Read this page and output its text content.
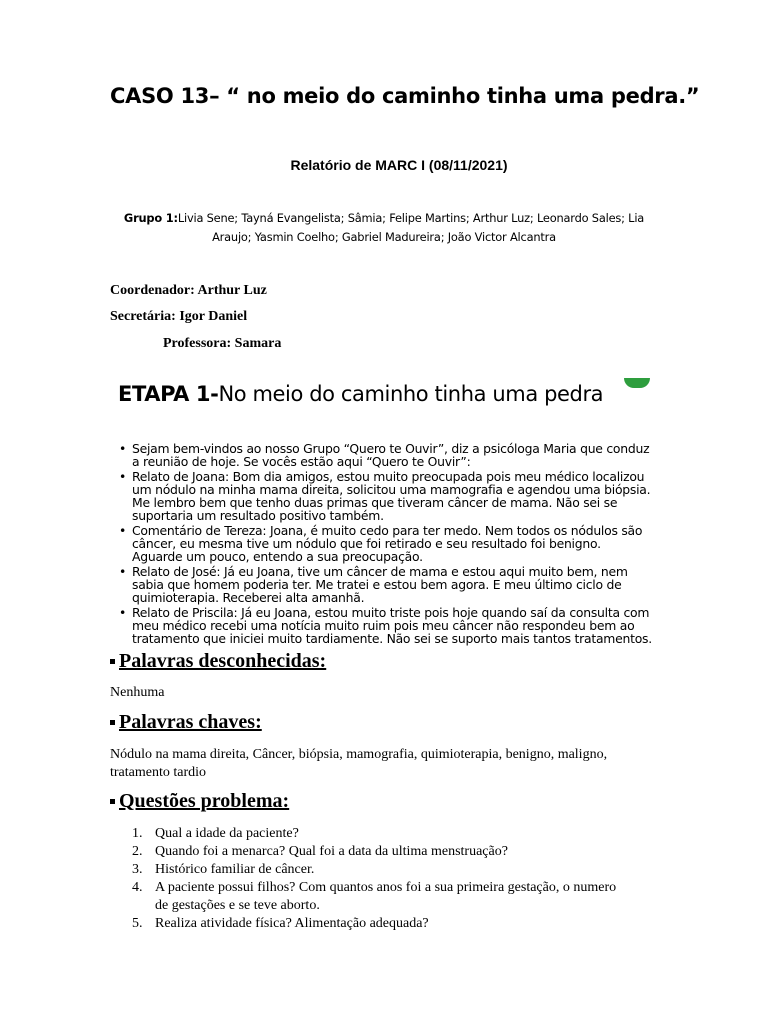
CASO 13– “ no meio do caminho tinha uma pedra.”
Relatório de MARC I (08/11/2021)
Grupo 1:Livia Sene; Tayná Evangelista; Sâmia; Felipe Martins; Arthur Luz; Leonardo Sales; Lia Araujo; Yasmin Coelho; Gabriel Madureira; João Victor Alcantra
Coordenador: Arthur Luz
Secretária: Igor Daniel
Professora: Samara
ETAPA 1-No meio do caminho tinha uma pedra
• Sejam bem-vindos ao nosso Grupo “Quero te Ouvir”, diz a psicóloga Maria que conduz a reunião de hoje. Se vocês estão aqui “Quero te Ouvir”:
• Relato de Joana: Bom dia amigos, estou muito preocupada pois meu médico localizou um nódulo na minha mama direita, solicitou uma mamografia e agendou uma biópsia. Me lembro bem que tenho duas primas que tiveram câncer de mama. Não sei se suportaria um resultado positivo também.
• Comentário de Tereza: Joana, é muito cedo para ter medo. Nem todos os nódulos são câncer, eu mesma tive um nódulo que foi retirado e seu resultado foi benigno. Aguarde um pouco, entendo a sua preocupação.
• Relato de José: Já eu Joana, tive um câncer de mama e estou aqui muito bem, nem sabia que homem poderia ter. Me tratei e estou bem agora. E meu último ciclo de quimioterapia. Receberei alta amanhã.
• Relato de Priscila: Já eu Joana, estou muito triste pois hoje quando saí da consulta com meu médico recebi uma notícia muito ruim pois meu câncer não respondeu bem ao tratamento que iniciei muito tardiamente. Não sei se suporto mais tantos tratamentos.
Palavras desconhecidas:
Nenhuma
Palavras chaves:
Nódulo na mama direita, Câncer, biópsia, mamografia, quimioterapia, benigno, maligno, tratamento tardio
Questões problema:
1. Qual a idade da paciente?
2. Quando foi a menarca? Qual foi a data da ultima menstruação?
3. Histórico familiar de câncer.
4. A paciente possui filhos? Com quantos anos foi a sua primeira gestação, o numero de gestações e se teve aborto.
5. Realiza atividade física? Alimentação adequada?
